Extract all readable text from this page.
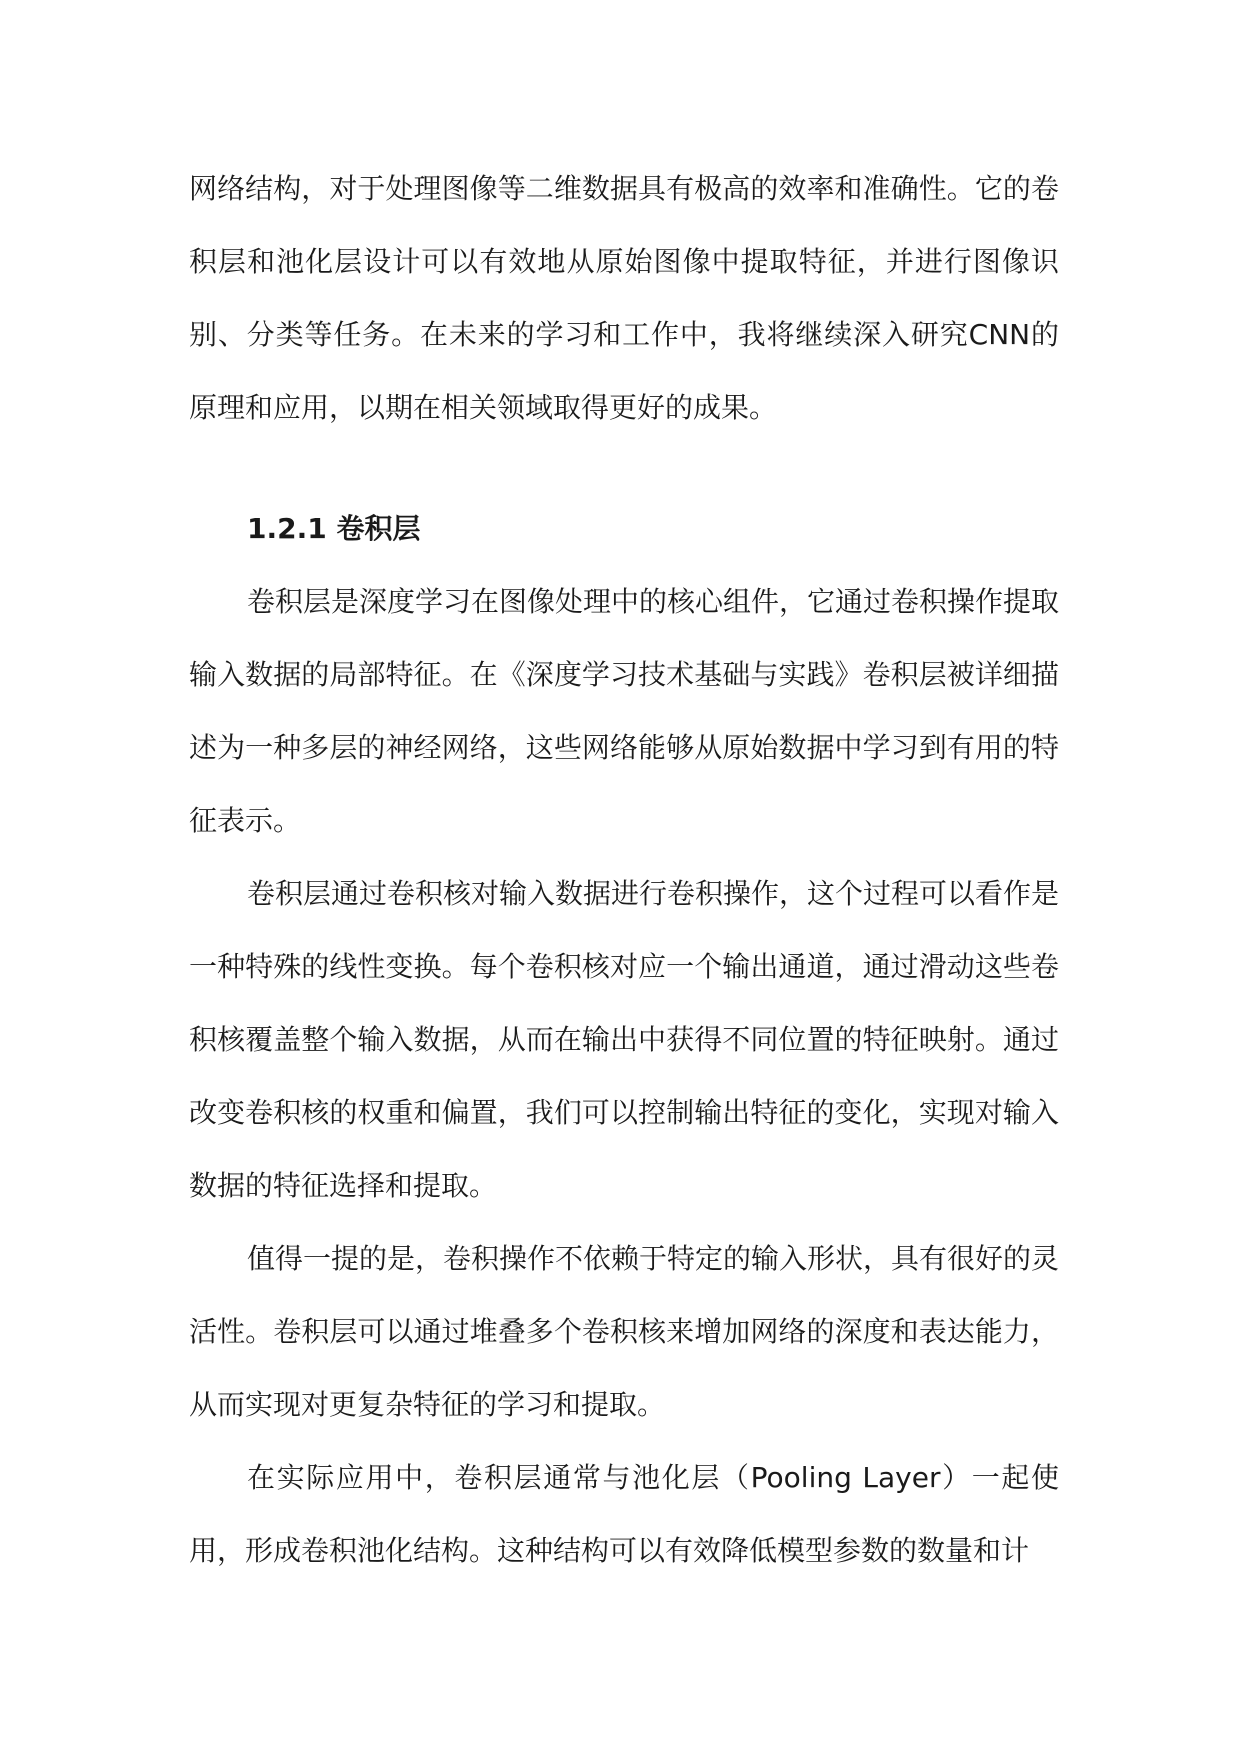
网络结构，对于处理图像等二维数据具有极高的效率和准确性。它的卷积层和池化层设计可以有效地从原始图像中提取特征，并进行图像识别、分类等任务。在未来的学习和工作中，我将继续深入研究CNN的原理和应用，以期在相关领域取得更好的成果。

1.2.1 卷积层

卷积层是深度学习在图像处理中的核心组件，它通过卷积操作提取输入数据的局部特征。在《深度学习技术基础与实践》卷积层被详细描述为一种多层的神经网络，这些网络能够从原始数据中学习到有用的特征表示。

卷积层通过卷积核对输入数据进行卷积操作，这个过程可以看作是一种特殊的线性变换。每个卷积核对应一个输出通道，通过滑动这些卷积核覆盖整个输入数据，从而在输出中获得不同位置的特征映射。通过改变卷积核的权重和偏置，我们可以控制输出特征的变化，实现对输入数据的特征选择和提取。

值得一提的是，卷积操作不依赖于特定的输入形状，具有很好的灵活性。卷积层可以通过堆叠多个卷积核来增加网络的深度和表达能力，从而实现对更复杂特征的学习和提取。

在实际应用中，卷积层通常与池化层（Pooling Layer）一起使用，形成卷积池化结构。这种结构可以有效降低模型参数的数量和计
